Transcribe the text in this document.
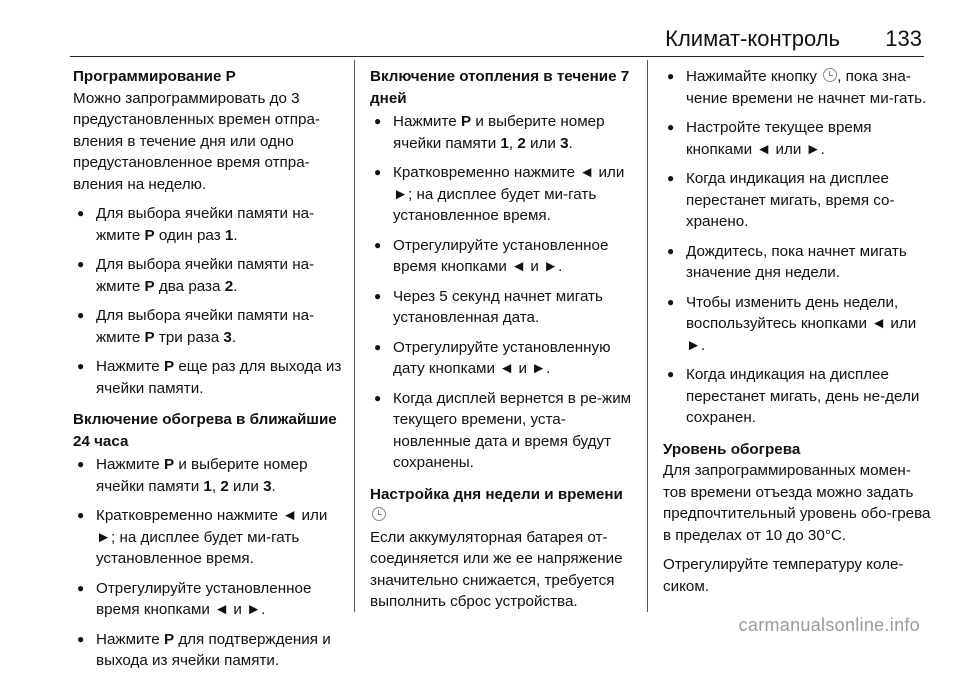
Климат-контроль 133

Программирование P

Можно запрограммировать до 3 предустановленных времен отпра-вления в течение дня или одно предустановленное время отпра-вления на неделю.

● Для выбора ячейки памяти на-жмите P один раз 1.
● Для выбора ячейки памяти на-жмите P два раза 2.
● Для выбора ячейки памяти на-жмите P три раза 3.
● Нажмите P еще раз для выхода из ячейки памяти.

Включение обогрева в ближайшие 24 часа

● Нажмите P и выберите номер ячейки памяти 1, 2 или 3.
● Кратковременно нажмите ◄ или ►; на дисплее будет ми-гать установленное время.
● Отрегулируйте установленное время кнопками ◄ и ►.
● Нажмите P для подтверждения и выхода из ячейки памяти.

Включение отопления в течение 7 дней

● Нажмите P и выберите номер ячейки памяти 1, 2 или 3.
● Кратковременно нажмите ◄ или ►; на дисплее будет ми-гать установленное время.
● Отрегулируйте установленное время кнопками ◄ и ►.
● Через 5 секунд начнет мигать установленная дата.
● Отрегулируйте установленную дату кнопками ◄ и ►.
● Когда дисплей вернется в ре-жим текущего времени, уста-новленные дата и время будут сохранены.

Настройка дня недели и времени

Если аккумуляторная батарея от-соединяется или же ее напряжение значительно снижается, требуется выполнить сброс устройства.

● Нажимайте кнопку , пока зна-чение времени не начнет ми-гать.
● Настройте текущее время кнопками ◄ или ►.
● Когда индикация на дисплее перестанет мигать, время со-хранено.
● Дождитесь, пока начнет мигать значение дня недели.
● Чтобы изменить день недели, воспользуйтесь кнопками ◄ или ►.
● Когда индикация на дисплее перестанет мигать, день не-дели сохранен.

Уровень обогрева

Для запрограммированных момен-тов времени отъезда можно задать предпочтительный уровень обо-грева в пределах от 10 до 30°C.

Отрегулируйте температуру коле-сиком.

carmanualsonline.info
